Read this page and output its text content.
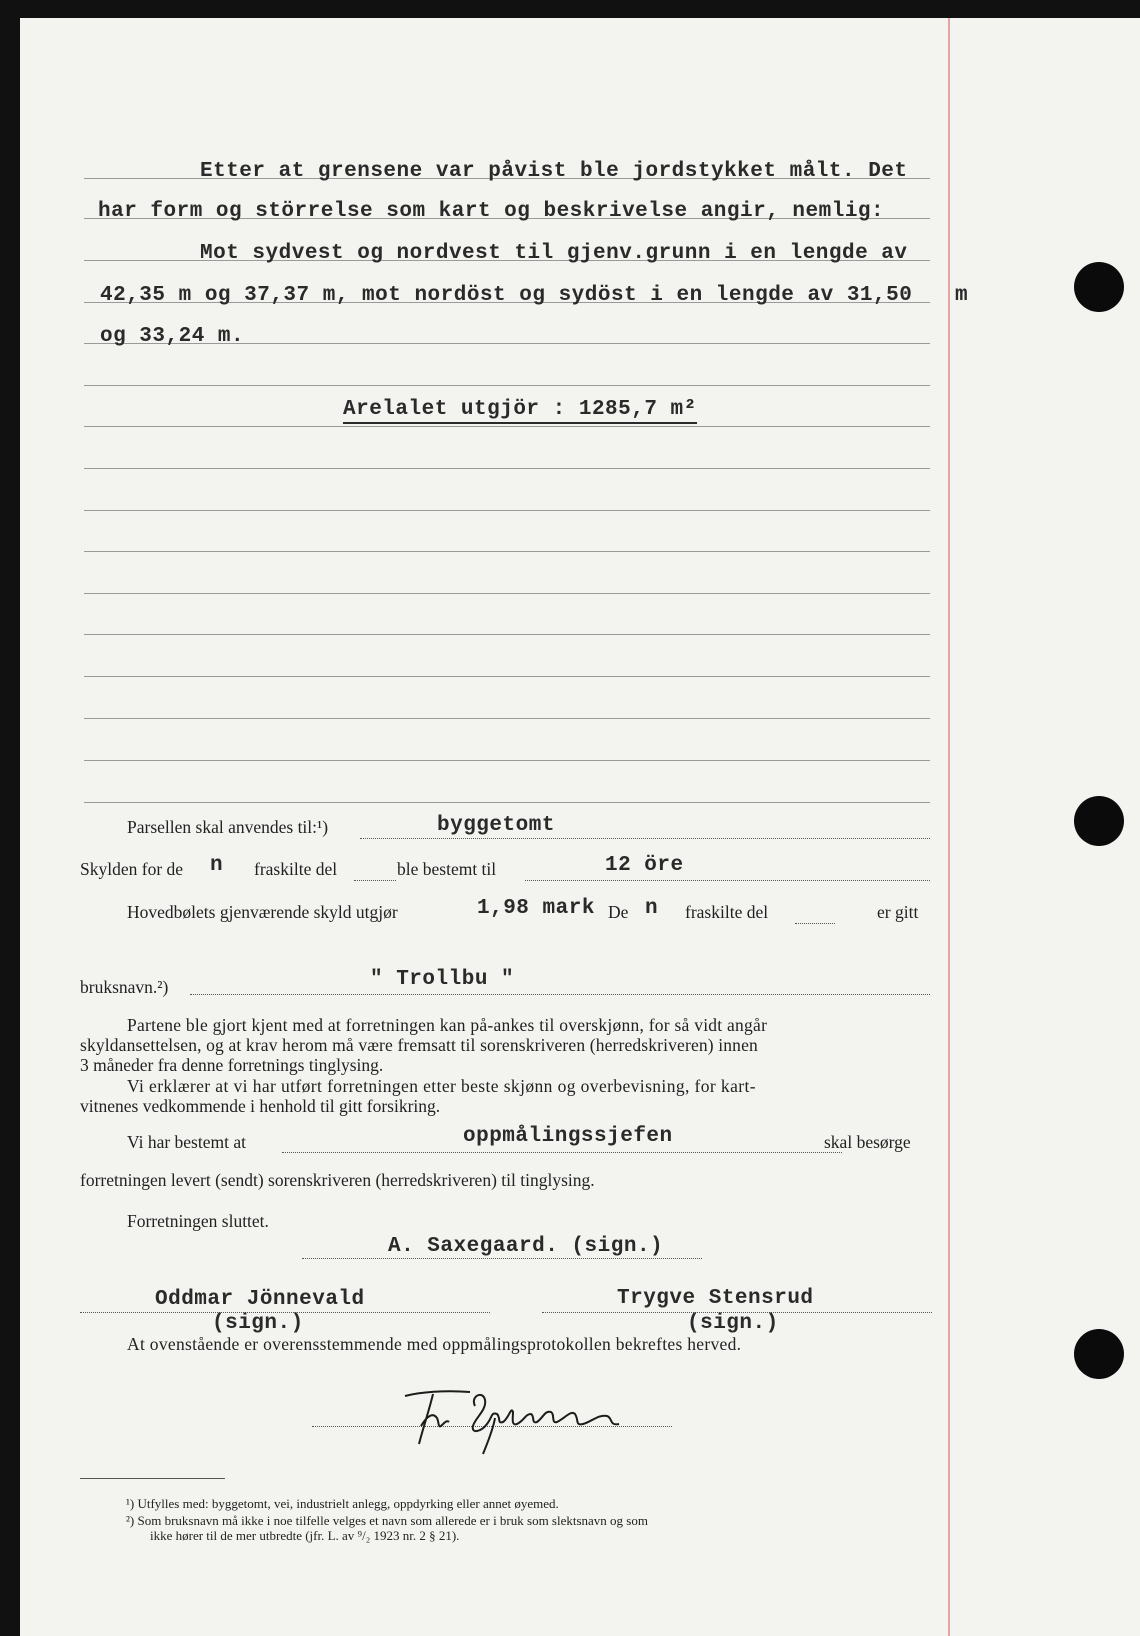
Etter at grensene var påvist ble jordstykket målt. Det
har form og störrelse som kart og beskrivelse angir, nemlig:
Mot sydvest og nordvest til gjenv.grunn i en lengde av
42,35 m og 37,37 m, mot nordöst og sydöst i en lengde av 31,50 m
og 33,24 m.
Arelalet utgjör : 1285,7 m²
Parsellen skal anvendes til:¹)	byggetomt
Skylden for de n fraskilte del	ble bestemt til	12 öre
Hovedbølets gjenværende skyld utgjør	1,98 mark De n fraskilte del	er gitt
bruksnavn.²)	" Trollbu "
Partene ble gjort kjent med at forretningen kan på-ankes til overskjønn, for så vidt angår
skyldansettelsen, og at krav herom må være fremsatt til sorenskriveren (herredskriveren) innen
3 måneder fra denne forretnings tinglysing.
Vi erklærer at vi har utført forretningen etter beste skjønn og overbevisning, for kart-
vitnenes vedkommende i henhold til gitt forsikring.
Vi har bestemt at	oppmålingssjefen	skal besørge
forretningen levert (sendt) sorenskriveren (herredskriveren) til tinglysing.
Forretningen sluttet.
A. Saxegaard. (sign.)
Oddmar Jönnevald
(sign.)
Trygve Stensrud
(sign.)
At ovenstående er overensstemmende med oppmålingsprotokollen bekreftes herved.
¹) Utfylles med: byggetomt, vei, industrielt anlegg, oppdyrking eller annet øyemed.
²) Som bruksnavn må ikke i noe tilfelle velges et navn som allerede er i bruk som slektsnavn og som
ikke hører til de mer utbredte (jfr. L. av ⁹/₂ 1923 nr. 2 § 21).
